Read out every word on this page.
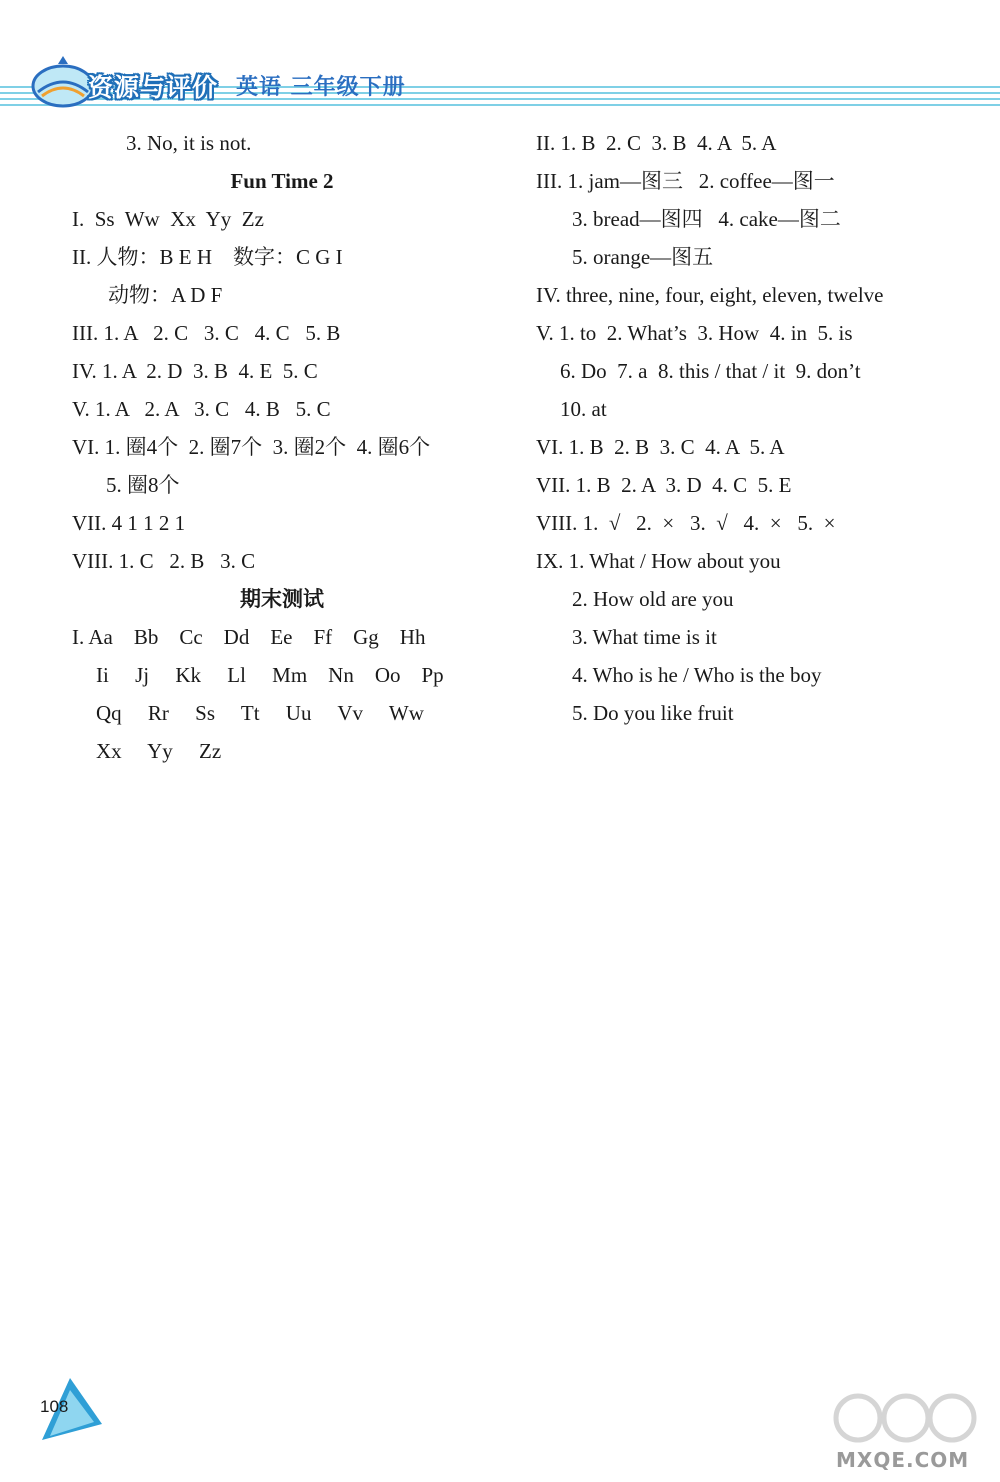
资源与评价 英语 三年级下册
3. No, it is not.
Fun Time 2
I.  Ss  Ww  Xx  Yy  Zz
II. 人物：B E H    数字：C G I
动物：A D F
III. 1. A   2. C   3. C   4. C   5. B
IV. 1. A  2. D  3. B  4. E  5. C
V. 1. A   2. A   3. C   4. B   5. C
VI. 1. 圈4个  2. 圈7个  3. 圈2个  4. 圈6个
5. 圈8个
VII. 4 1 1 2 1
VIII. 1. C   2. B   3. C
期末测试
I. Aa    Bb    Cc    Dd    Ee    Ff    Gg    Hh
Ii     Jj     Kk     Ll     Mm    Nn    Oo    Pp
Qq     Rr     Ss     Tt     Uu     Vv     Ww
Xx     Yy     Zz
II. 1. B  2. C  3. B  4. A  5. A
III. 1. jam—图三   2. coffee—图一
3. bread—图四   4. cake—图二
5. orange—图五
IV. three, nine, four, eight, eleven, twelve
V. 1. to  2. What’s  3. How  4. in  5. is
6. Do  7. a  8. this / that / it  9. don’t
10. at
VI. 1. B  2. B  3. C  4. A  5. A
VII. 1. B  2. A  3. D  4. C  5. E
VIII. 1.  √   2.  ×   3.  √   4.  ×   5.  ×
IX. 1. What / How about you
2. How old are you
3. What time is it
4. Who is he / Who is the boy
5. Do you like fruit
108
MXQE.COM
